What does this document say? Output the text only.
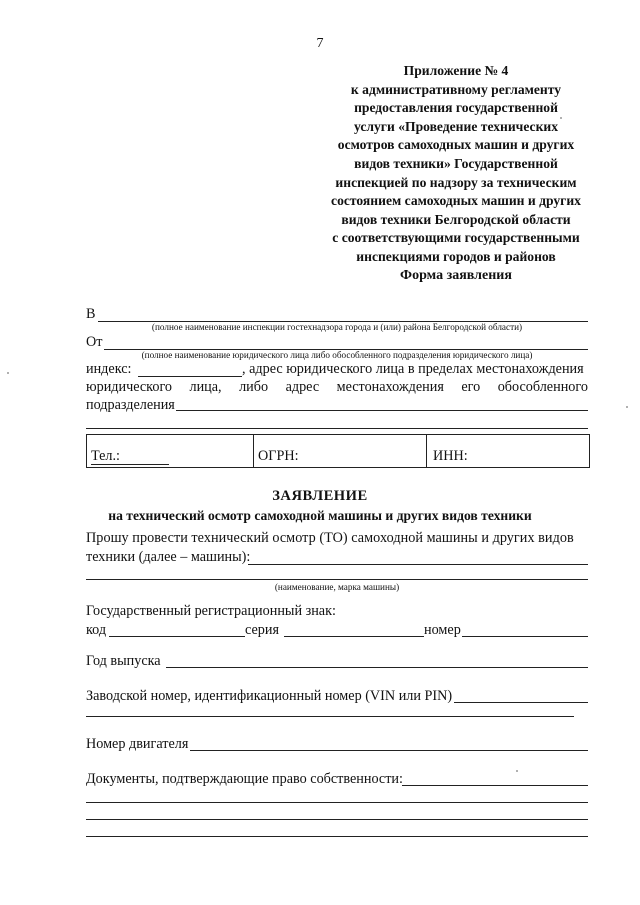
7
Приложение № 4
к административному регламенту
предоставления государственной
услуги «Проведение технических
осмотров самоходных машин и других
видов техники» Государственной
инспекцией по надзору за техническим
состоянием самоходных машин и других
видов техники Белгородской области
с соответствующими государственными
инспекциями городов и районов
Форма заявления
В
(полное наименование инспекции гостехнадзора города и (или) района Белгородской области)
От
(полное наименование юридического лица либо обособленного подразделения юридического лица)
индекс:	, адрес юридического лица в пределах местонахождения
юридического лица, либо адрес местонахождения его обособленного
подразделения
Тел.:	ОГРН:	ИНН:
ЗАЯВЛЕНИЕ
на технический осмотр самоходной машины и других видов техники
Прошу провести технический осмотр (ТО) самоходной машины и других видов
техники (далее – машины):
(наименование, марка машины)
Государственный регистрационный знак:
код	серия	номер
Год выпуска
Заводской номер, идентификационный номер (VIN или PIN)
Номер двигателя
Документы, подтверждающие право собственности:
